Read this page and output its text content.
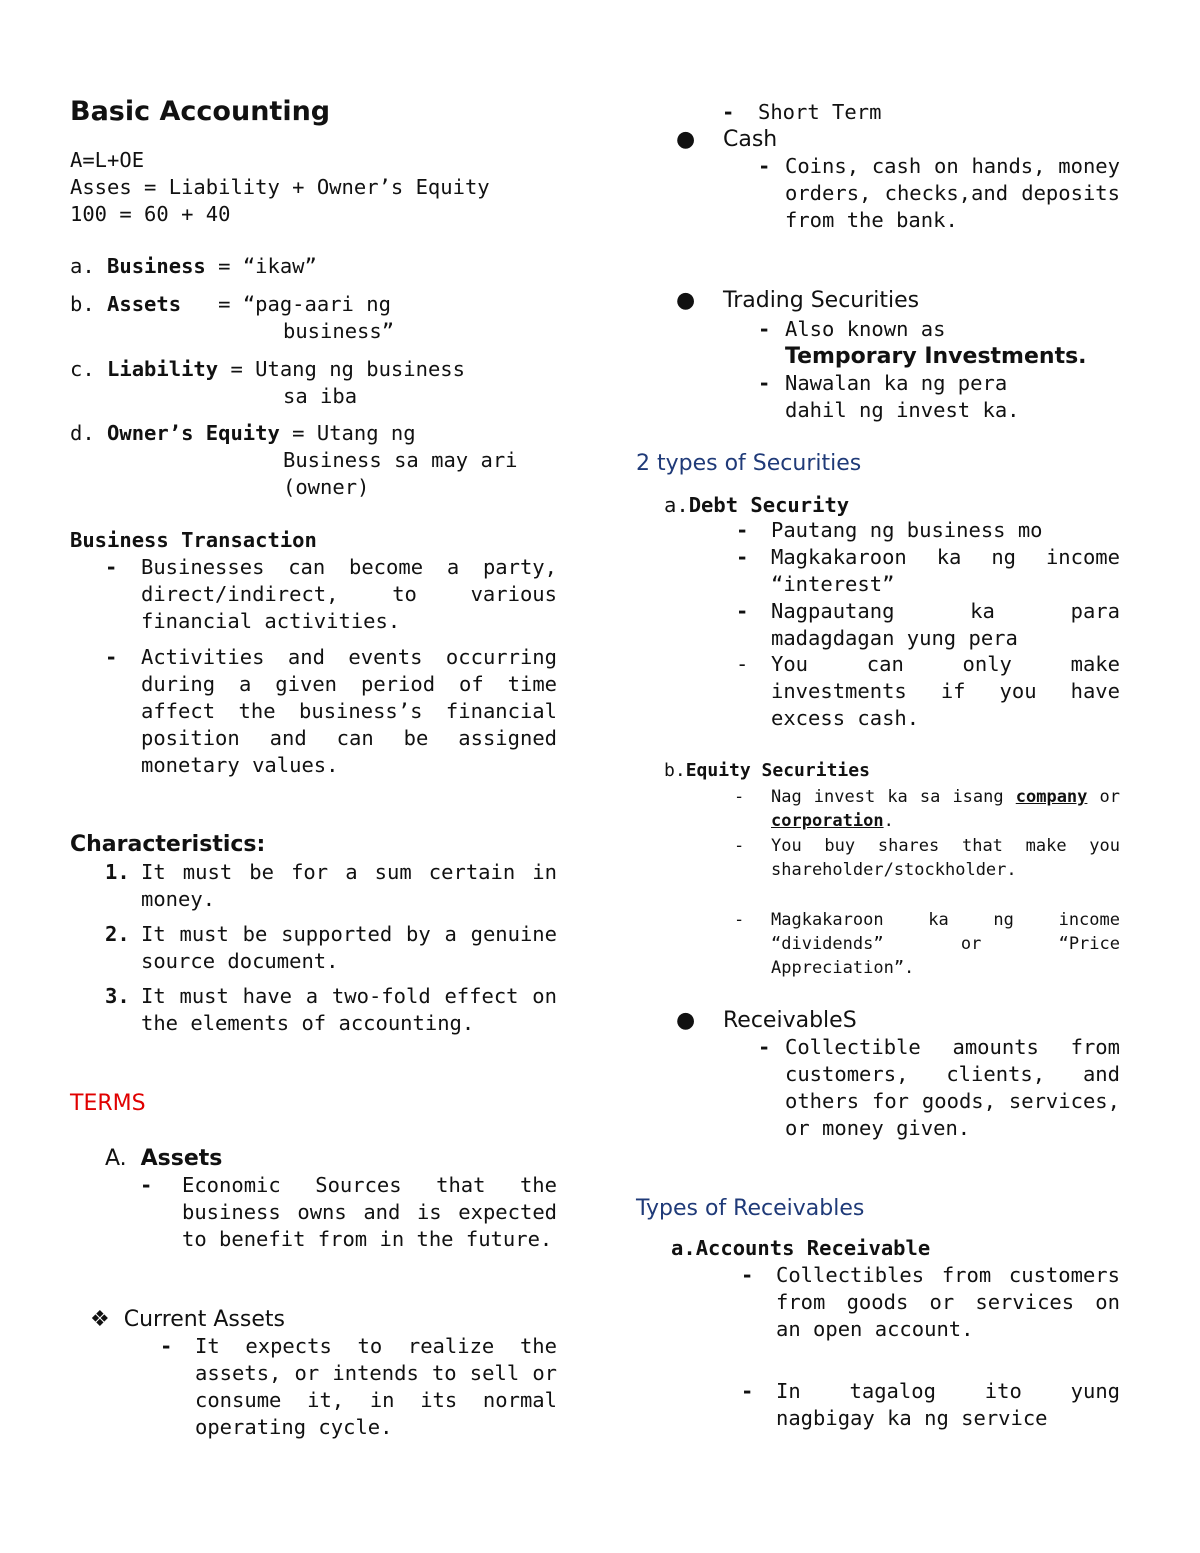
Basic Accounting
A=L+OE
Asses = Liability + Owner’s Equity
100 = 60 + 40
a. Business = “ikaw”
b. Assets   = “pag-aari ng
business”
c. Liability = Utang ng business
sa iba
d. Owner’s Equity = Utang ng
Business sa may ari
(owner)
Business Transaction
- Businesses can become a party, direct/indirect, to various financial activities.
- Activities and events occurring during a given period of time affect the business’s financial position and can be assigned monetary values.
Characteristics:
1. It must be for a sum certain in money.
2. It must be supported by a genuine source document.
3. It must have a two-fold effect on the elements of accounting.
TERMS
A. Assets
- Economic Sources that the business owns and is expected to benefit from in the future.
❖ Current Assets
- It expects to realize the assets, or intends to sell or consume it, in its normal operating cycle.
- Short Term
● Cash
- Coins, cash on hands, money orders, checks,and deposits from the bank.
● Trading Securities
- Also known as
Temporary Investments.
- Nawalan ka ng pera dahil ng invest ka.
2 types of Securities
a.Debt Security
- Pautang ng business mo
- Magkakaroon ka ng income “interest”
- Nagpautang ka para madagdagan yung pera
- You can only make investments if you have excess cash.
b.Equity Securities
- Nag invest ka sa isang company or corporation.
- You buy shares that make you shareholder/stockholder.
- Magkakaroon ka ng income “dividends” or “Price Appreciation”.
● ReceivableS
- Collectible amounts from customers, clients, and others for goods, services, or money given.
Types of Receivables
a.Accounts Receivable
- Collectibles from customers from goods or services on an open account.
- In tagalog ito yung nagbigay ka ng service
